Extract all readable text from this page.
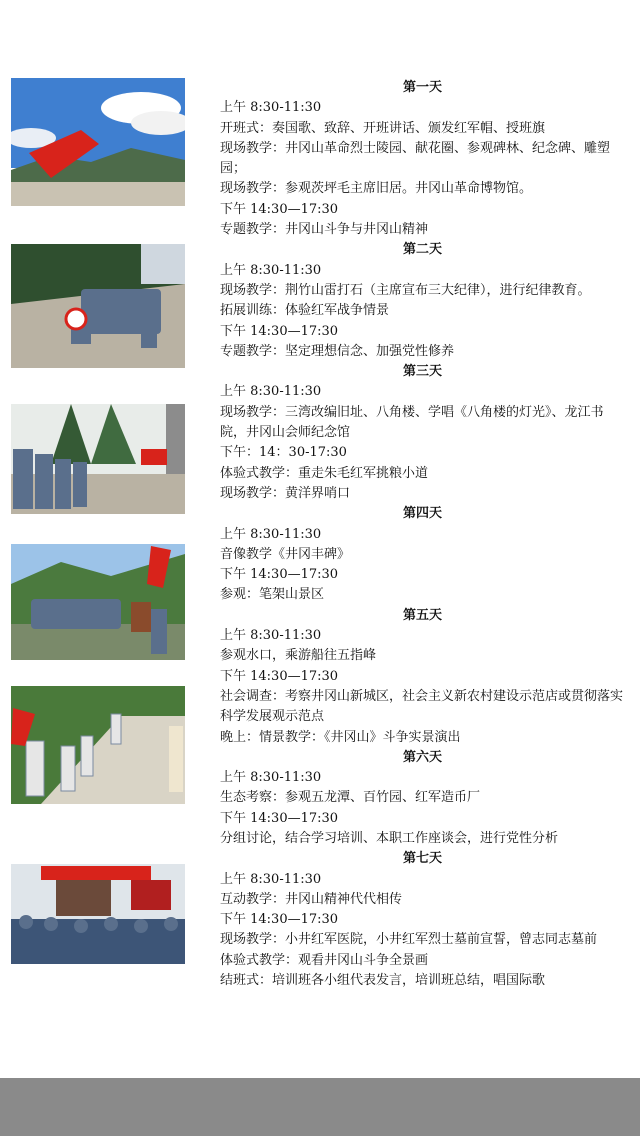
第一天
上午 8:30-11:30
开班式：奏国歌、致辞、开班讲话、颁发红军帽、授班旗
现场教学：井冈山革命烈士陵园、献花圈、参观碑林、纪念碑、雕塑园；
现场教学：参观茨坪毛主席旧居。井冈山革命博物馆。
下午 14:30—17:30
专题教学：井冈山斗争与井冈山精神
第二天
上午 8:30-11:30
现场教学：荆竹山雷打石（主席宣布三大纪律），进行纪律教育。
拓展训练：体验红军战争情景
下午 14:30—17:30
专题教学：坚定理想信念、加强党性修养
第三天
上午 8:30-11:30
现场教学：三湾改编旧址、八角楼、学唱《八角楼的灯光》、龙江书院，井冈山会师纪念馆
下午：14：30-17:30
体验式教学：重走朱毛红军挑粮小道
现场教学：黄洋界哨口
第四天
上午 8:30-11:30
音像教学《井冈丰碑》
下午 14:30—17:30
参观：笔架山景区
第五天
上午 8:30-11:30
参观水口，乘游船往五指峰
下午 14:30—17:30
社会调查：考察井冈山新城区，社会主义新农村建设示范店或贯彻落实科学发展观示范点
晚上：情景教学：《井冈山》斗争实景演出
第六天
上午 8:30-11:30
生态考察：参观五龙潭、百竹园、红军造币厂
下午 14:30—17:30
分组讨论，结合学习培训、本职工作座谈会，进行党性分析
第七天
上午 8:30-11:30
互动教学：井冈山精神代代相传
下午 14:30—17:30
现场教学：小井红军医院，小井红军烈士墓前宣誓，曾志同志墓前
体验式教学：观看井冈山斗争全景画
结班式：培训班各小组代表发言，培训班总结，唱国际歌
